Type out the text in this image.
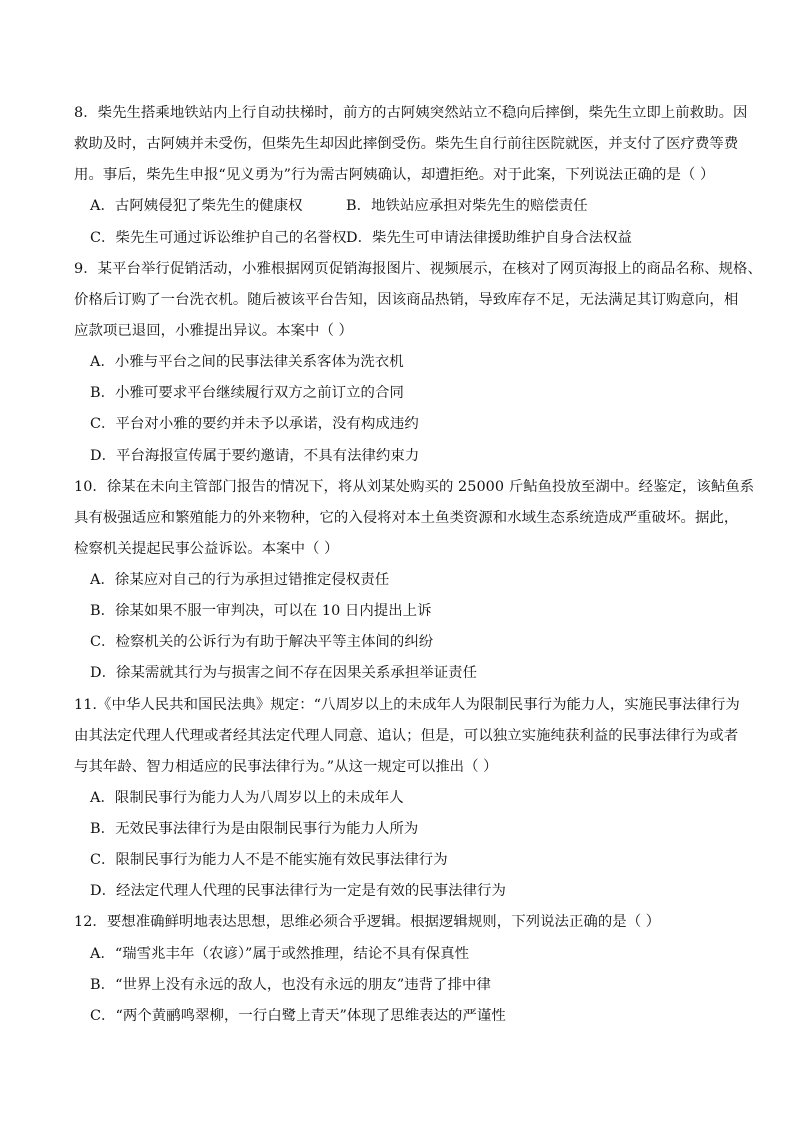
8．柴先生搭乘地铁站内上行自动扶梯时，前方的古阿姨突然站立不稳向后摔倒，柴先生立即上前救助。因
救助及时，古阿姨并未受伤，但柴先生却因此摔倒受伤。柴先生自行前往医院就医，并支付了医疗费等费
用。事后，柴先生申报“见义勇为”行为需古阿姨确认，却遭拒绝。对于此案，下列说法正确的是（ ）
A．古阿姨侵犯了柴先生的健康权	B．地铁站应承担对柴先生的赔偿责任
C．柴先生可通过诉讼维护自己的名誉权 D．柴先生可申请法律援助维护自身合法权益
9．某平台举行促销活动，小雅根据网页促销海报图片、视频展示，在核对了网页海报上的商品名称、规格、
价格后订购了一台洗衣机。随后被该平台告知，因该商品热销，导致库存不足，无法满足其订购意向，相
应款项已退回，小雅提出异议。本案中（ ）
A．小雅与平台之间的民事法律关系客体为洗衣机
B．小雅可要求平台继续履行双方之前订立的合同
C．平台对小雅的要约并未予以承诺，没有构成违约
D．平台海报宣传属于要约邀请，不具有法律约束力
10．徐某在未向主管部门报告的情况下，将从刘某处购买的 25000 斤鲇鱼投放至湖中。经鉴定，该鲇鱼系
具有极强适应和繁殖能力的外来物种，它的入侵将对本土鱼类资源和水域生态系统造成严重破坏。据此，
检察机关提起民事公益诉讼。本案中（ ）
A．徐某应对自己的行为承担过错推定侵权责任
B．徐某如果不服一审判决，可以在 10 日内提出上诉
C．检察机关的公诉行为有助于解决平等主体间的纠纷
D．徐某需就其行为与损害之间不存在因果关系承担举证责任
11.《中华人民共和国民法典》规定：“八周岁以上的未成年人为限制民事行为能力人，实施民事法律行为
由其法定代理人代理或者经其法定代理人同意、追认；但是，可以独立实施纯获利益的民事法律行为或者
与其年龄、智力相适应的民事法律行为。”从这一规定可以推出（ ）
A．限制民事行为能力人为八周岁以上的未成年人
B．无效民事法律行为是由限制民事行为能力人所为
C．限制民事行为能力人不是不能实施有效民事法律行为
D．经法定代理人代理的民事法律行为一定是有效的民事法律行为
12．要想准确鲜明地表达思想，思维必须合乎逻辑。根据逻辑规则，下列说法正确的是（ ）
A．“瑞雪兆丰年（农谚）”属于或然推理，结论不具有保真性
B．“世界上没有永远的敌人，也没有永远的朋友”违背了排中律
C．“两个黄鹂鸣翠柳，一行白鹭上青天”体现了思维表达的严谨性
